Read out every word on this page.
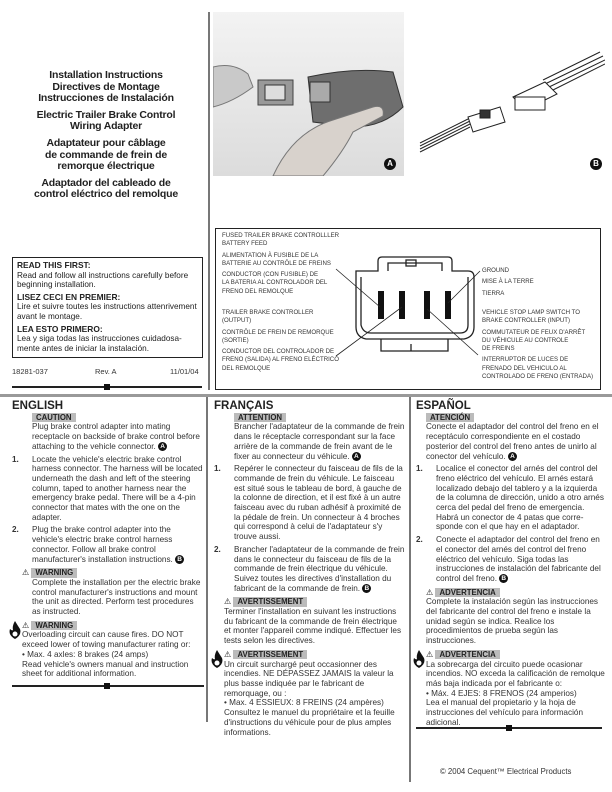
Installation Instructions
Directives de Montage
Instrucciones de Instalación
Electric Trailer Brake Control
Wiring Adapter
Adaptateur pour câblage
de commande de frein de
remorque électrique
Adaptador del cableado de
control eléctrico del remolque

READ THIS FIRST:
Read and follow all instructions carefully before beginning installation.

LISEZ CECI EN PREMIER:
Lire et suivre toutes les instructions attenrivement avant le montage.

LEA ESTO PRIMERO:
Lea y siga todas las instrucciones cuidadosa-mente antes de iniciar la instalación.

18281-037	Rev. A	11/01/04
A	B
FUSED TRAILER BRAKE CONTROLLLER
BATTERY FEED
ALIMENTATION À FUSIBLE DE LA
BATTERIE AU CONTRÔLE DE FREINS
CONDUCTOR (CON FUSIBLE) DE
LA BATERIA AL CONTROLADOR DEL
FRENO DEL REMOLQUE
TRAILER BRAKE CONTROLLER
(OUTPUT)
CONTRÔLE DE FREIN DE REMORQUE
(SORTIE)
CONDUCTOR DEL CONTROLADOR DE
FRENO (SALIDA) AL FRENO ELÉCTRICO
DEL REMOLQUE
GROUND
MISE À LA TERRE
TIERRA
VEHICLE STOP LAMP SWITCH TO
BRAKE CONTROLLER (INPUT)
COMMUTATEUR DE FEUX D'ARRÊT
DU VÉHICULE AU CONTROLE
DE FREINS
INTERRUPTOR DE LUCES DE
FRENADO DEL VEHICULO AL
CONTROLADO DE FRENO (ENTRADA)
ENGLISH
CAUTION
Plug brake control adapter into mating receptacle on backside of brake control before attaching to the vehicle connector. A
1. Locate the vehicle's electric brake control harness connector. The harness will be located underneath the dash and left of the steering column, taped to another harness near the emergency brake pedal. There will be a 4-pin connector that mates with the one on the adapter.
2. Plug the brake control adapter into the vehicle's electric brake control harness connector. Follow all brake control manufacturer's installation instructions. B
⚠ WARNING
Complete the installation per the electric brake control manufacturer's instructions and mount the unit as directed. Perform test procedures as instructed.
⚠ WARNING
Overloading circuit can cause fires. DO NOT exceed lower of towing manufacturer rating or:
• Max. 4 axles: 8 brakes (24 amps)
Read vehicle's owners manual and instruction sheet for additional information.
FRANÇAIS
ATTENTION
Brancher l'adaptateur de la commande de frein dans le réceptacle correspondant sur la face arrière de la commande de frein avant de le fixer au connecteur du véhicule. A
1. Repérer le connecteur du faisceau de fils de la commande de frein du véhicule. Le faisceau est situé sous le tableau de bord, à gauche de la colonne de direction, et il est fixé à un autre faisceau avec du ruban adhésif à proximité de la pédale de frein. Un connecteur à 4 broches qui correspond à celui de l'adaptateur s'y trouve aussi.
2. Brancher l'adaptateur de la commande de frein dans le connecteur du faisceau de fils de la commande de frein électrique du véhicule. Suivez toutes les directives d'installation du fabricant de la commande de frein. B
⚠ AVERTISSEMENT
Terminer l'installation en suivant les instructions du fabricant de la commande de frein électrique et monter l'appareil comme indiqué. Effectuer les tests selon les directives.
⚠ AVERTISSEMENT
Un circuit surchargé peut occasionner des incendies. NE DÉPASSEZ JAMAIS la valeur la plus basse indiquée par le fabricant de remorquage, ou :
• Max. 4 ESSIEUX: 8 FREINS (24 ampères)
Consultez le manuel du propriétaire et la feuille d'instructions du véhicule pour de plus amples informations.
ESPAÑOL
ATENCIÓN
Conecte el adaptador del control del freno en el receptáculo correspondiente en el costado posterior del control del freno antes de unirlo al conector del vehículo. A
1. Localice el conector del arnés del control del freno eléctrico del vehículo. El arnés estará localizado debajo del tablero y a la izquierda de la columna de dirección, unido a otro arnés cerca del pedal del freno de emergencia. Habrá un conector de 4 patas que corre-sponde con el que hay en el adaptador.
2. Conecte el adaptador del control del freno en el conector del arnés del control del freno eléctrico del vehículo. Siga todas las instrucciones de instalación del fabricante del control del freno. B
⚠ ADVERTENCIA
Complete la instalación según las instrucciones del fabricante del control del freno e instale la unidad según se indica. Realice los procedimientos de prueba según las instrucciones.
⚠ ADVERTENCIA
La sobrecarga del circuito puede ocasionar incendios. NO exceda la calificación de remolque más baja indicada por el fabricante o:
• Máx. 4 EJES: 8 FRENOS (24 amperios)
Lea el manual del propietario y la hoja de instrucciones del vehículo para información adicional.
© 2004 Cequent™ Electrical Products
